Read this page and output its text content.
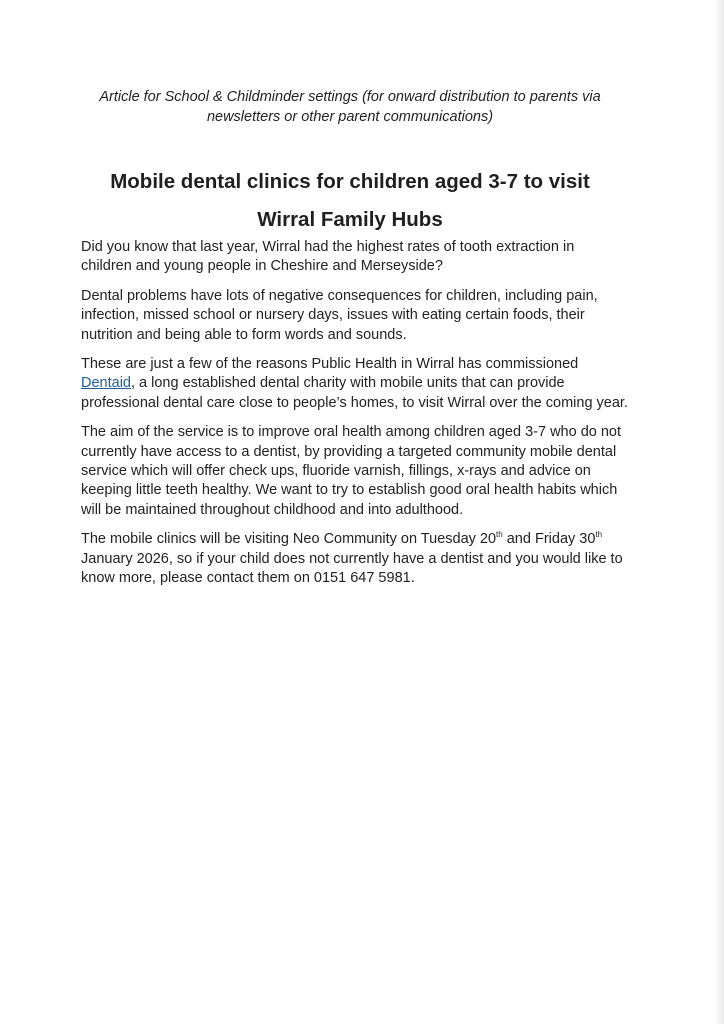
Article for School & Childminder settings (for onward distribution to parents via
newsletters or other parent communications)

Mobile dental clinics for children aged 3-7 to visit
Wirral Family Hubs

Did you know that last year, Wirral had the highest rates of tooth extraction in children and young people in Cheshire and Merseyside?

Dental problems have lots of negative consequences for children, including pain, infection, missed school or nursery days, issues with eating certain foods, their nutrition and being able to form words and sounds.

These are just a few of the reasons Public Health in Wirral has commissioned Dentaid, a long established dental charity with mobile units that can provide professional dental care close to people’s homes, to visit Wirral over the coming year.

The aim of the service is to improve oral health among children aged 3-7 who do not currently have access to a dentist, by providing a targeted community mobile dental service which will offer check ups, fluoride varnish, fillings, x-rays and advice on keeping little teeth healthy. We want to try to establish good oral health habits which will be maintained throughout childhood and into adulthood.

The mobile clinics will be visiting Neo Community on Tuesday 20th and Friday 30th January 2026, so if your child does not currently have a dentist and you would like to know more, please contact them on 0151 647 5981.
